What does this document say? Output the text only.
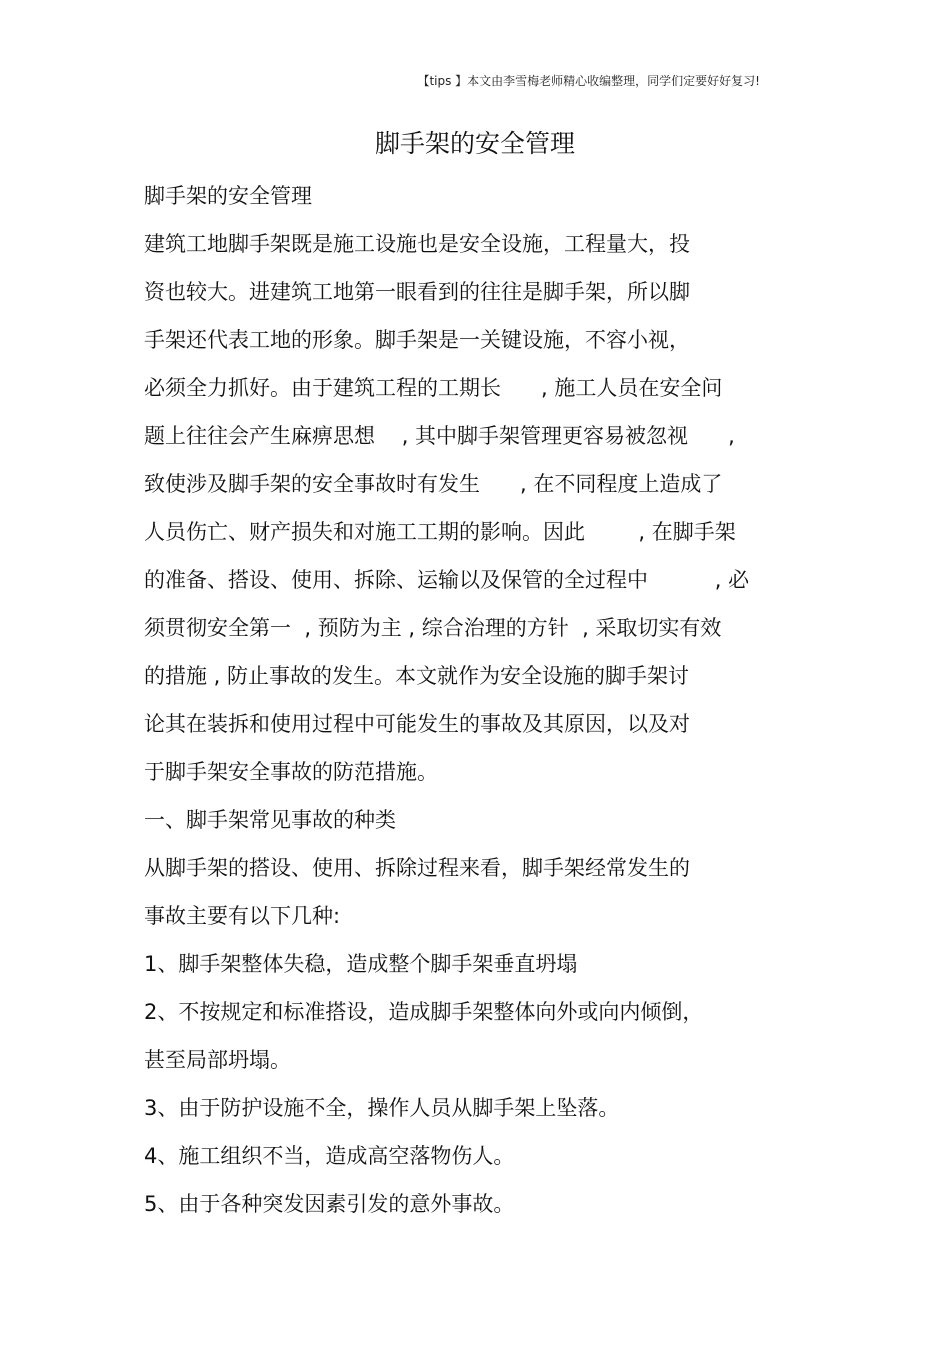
【tips 】本文由李雪梅老师精心收编整理，同学们定要好好复习!
脚手架的安全管理
脚手架的安全管理
建筑工地脚手架既是施工设施也是安全设施，工程量大，投
资也较大。进建筑工地第一眼看到的往往是脚手架，所以脚
手架还代表工地的形象。脚手架是一关键设施，不容小视，
必须全力抓好。由于建筑工程的工期长      , 施工人员在安全问
题上往往会产生麻痹思想    , 其中脚手架管理更容易被忽视      ,
致使涉及脚手架的安全事故时有发生      , 在不同程度上造成了
人员伤亡、财产损失和对施工工期的影响。因此        , 在脚手架
的准备、搭设、使用、拆除、运输以及保管的全过程中          , 必
须贯彻安全第一  , 预防为主 , 综合治理的方针  , 采取切实有效
的措施 , 防止事故的发生。本文就作为安全设施的脚手架讨
论其在装拆和使用过程中可能发生的事故及其原因，以及对
于脚手架安全事故的防范措施。
一、脚手架常见事故的种类
从脚手架的搭设、使用、拆除过程来看，脚手架经常发生的
事故主要有以下几种:
1、脚手架整体失稳，造成整个脚手架垂直坍塌
2、不按规定和标准搭设，造成脚手架整体向外或向内倾倒，
甚至局部坍塌。
3、由于防护设施不全，操作人员从脚手架上坠落。
4、施工组织不当，造成高空落物伤人。
5、由于各种突发因素引发的意外事故。
